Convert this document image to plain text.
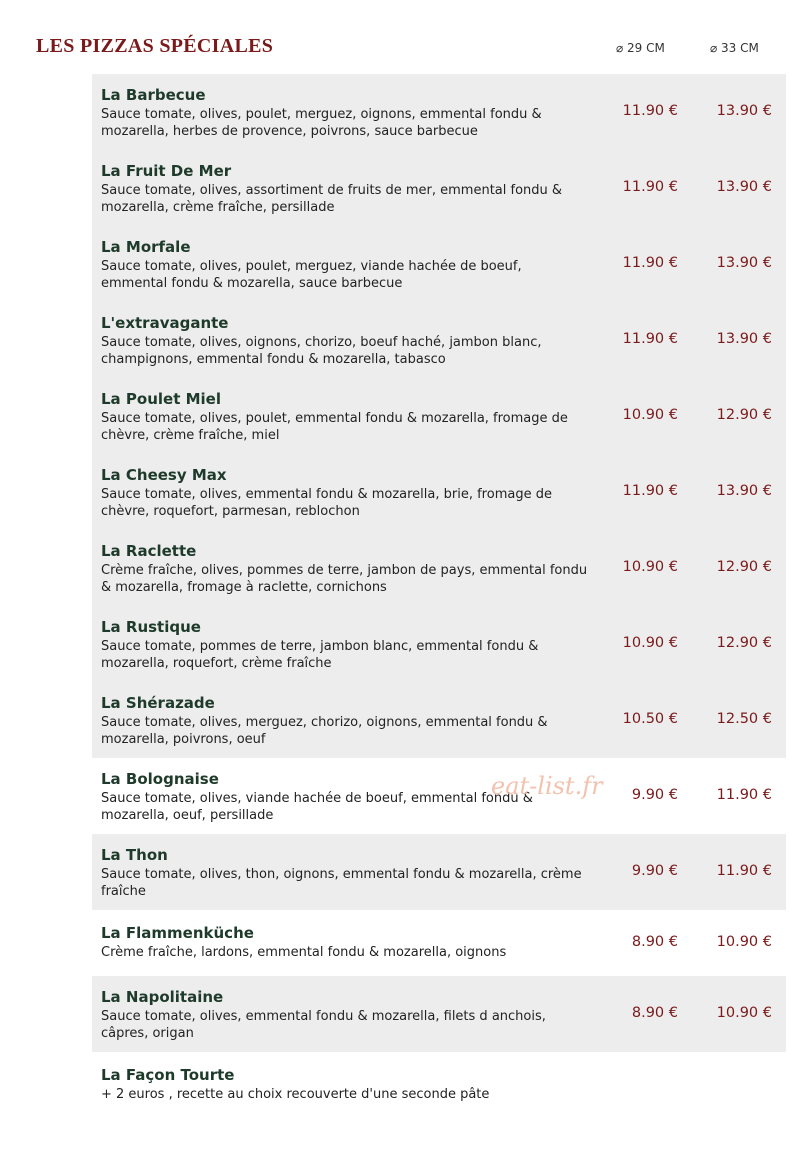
LES PIZZAS SPÉCIALES	⌀ 29 CM	⌀ 33 CM
La Barbecue
Sauce tomate, olives, poulet, merguez, oignons, emmental fondu & mozarella, herbes de provence, poivrons, sauce barbecue
11.90 €	13.90 €
La Fruit De Mer
Sauce tomate, olives, assortiment de fruits de mer, emmental fondu & mozarella, crème fraîche, persillade
11.90 €	13.90 €
La Morfale
Sauce tomate, olives, poulet, merguez, viande hachée de boeuf, emmental fondu & mozarella, sauce barbecue
11.90 €	13.90 €
L'extravagante
Sauce tomate, olives, oignons, chorizo, boeuf haché, jambon blanc, champignons, emmental fondu & mozarella, tabasco
11.90 €	13.90 €
La Poulet Miel
Sauce tomate, olives, poulet, emmental fondu & mozarella, fromage de chèvre, crème fraîche, miel
10.90 €	12.90 €
La Cheesy Max
Sauce tomate, olives, emmental fondu & mozarella, brie, fromage de chèvre, roquefort, parmesan, reblochon
11.90 €	13.90 €
La Raclette
Crème fraîche, olives, pommes de terre, jambon de pays, emmental fondu & mozarella, fromage à raclette, cornichons
10.90 €	12.90 €
La Rustique
Sauce tomate, pommes de terre, jambon blanc, emmental fondu & mozarella, roquefort, crème fraîche
10.90 €	12.90 €
La Shérazade
Sauce tomate, olives, merguez, chorizo, oignons, emmental fondu & mozarella, poivrons, oeuf
10.50 €	12.50 €
La Bolognaise
Sauce tomate, olives, viande hachée de boeuf, emmental fondu & mozarella, oeuf, persillade
9.90 €	11.90 €
La Thon
Sauce tomate, olives, thon, oignons, emmental fondu & mozarella, crème fraîche
9.90 €	11.90 €
La Flammenküche
Crème fraîche, lardons, emmental fondu & mozarella, oignons
8.90 €	10.90 €
La Napolitaine
Sauce tomate, olives, emmental fondu & mozarella, filets d anchois, câpres, origan
8.90 €	10.90 €
La Façon Tourte
+ 2 euros , recette au choix recouverte d'une seconde pâte
eat-list.fr
